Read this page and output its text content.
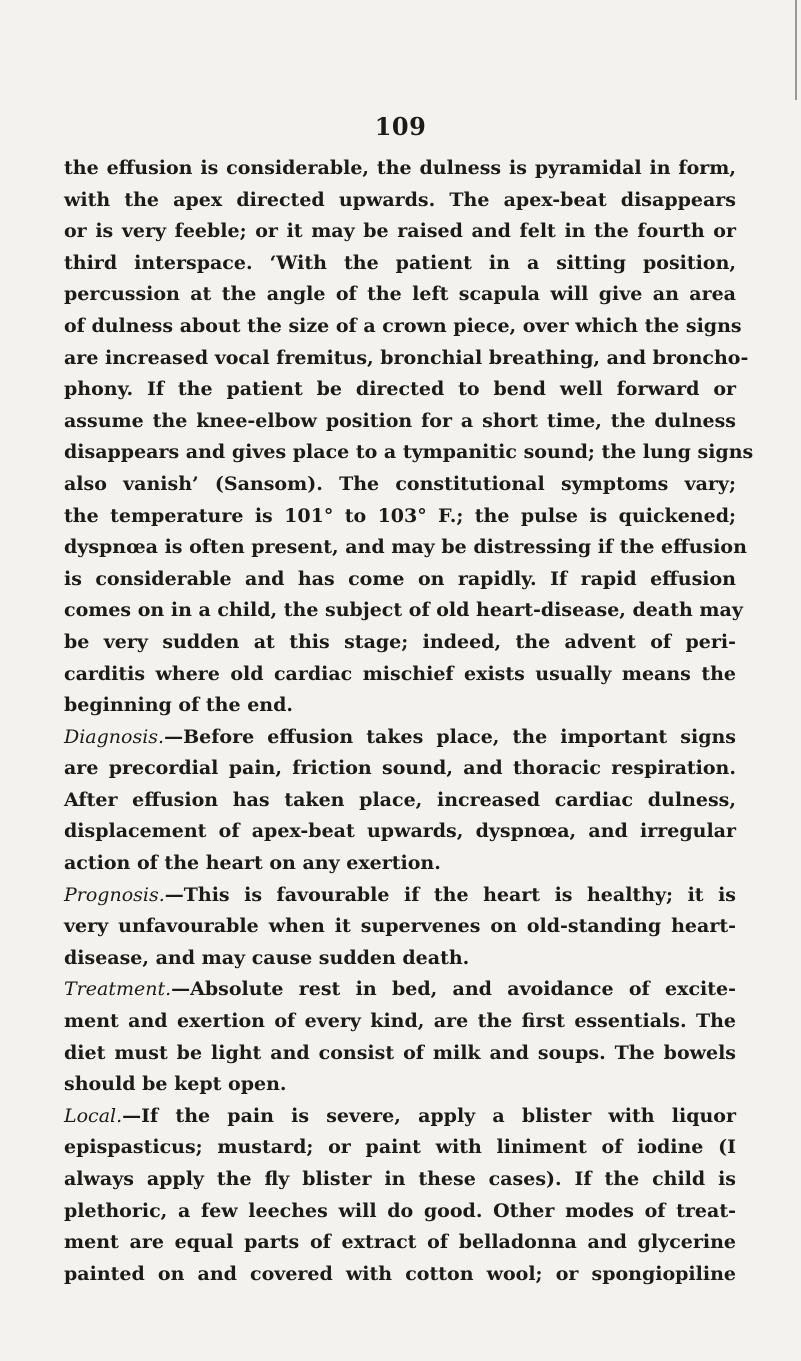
109
the effusion is considerable, the dulness is pyramidal in form,
with the apex directed upwards. The apex-beat disappears
or is very feeble; or it may be raised and felt in the fourth or
third interspace. ‘With the patient in a sitting position,
percussion at the angle of the left scapula will give an area
of dulness about the size of a crown piece, over which the signs
are increased vocal fremitus, bronchial breathing, and broncho-
phony. If the patient be directed to bend well forward or
assume the knee-elbow position for a short time, the dulness
disappears and gives place to a tympanitic sound; the lung signs
also vanish’ (Sansom). The constitutional symptoms vary;
the temperature is 101° to 103° F.; the pulse is quickened;
dyspnœa is often present, and may be distressing if the effusion
is considerable and has come on rapidly. If rapid effusion
comes on in a child, the subject of old heart-disease, death may
be very sudden at this stage; indeed, the advent of peri-
carditis where old cardiac mischief exists usually means the
beginning of the end.
Diagnosis.—Before effusion takes place, the important signs
are precordial pain, friction sound, and thoracic respiration.
After effusion has taken place, increased cardiac dulness,
displacement of apex-beat upwards, dyspnœa, and irregular
action of the heart on any exertion.
Prognosis.—This is favourable if the heart is healthy; it is
very unfavourable when it supervenes on old-standing heart-
disease, and may cause sudden death.
Treatment.—Absolute rest in bed, and avoidance of excite-
ment and exertion of every kind, are the first essentials. The
diet must be light and consist of milk and soups. The bowels
should be kept open.
Local.—If the pain is severe, apply a blister with liquor
epispasticus; mustard; or paint with liniment of iodine (I
always apply the fly blister in these cases). If the child is
plethoric, a few leeches will do good. Other modes of treat-
ment are equal parts of extract of belladonna and glycerine
painted on and covered with cotton wool; or spongiopiline
